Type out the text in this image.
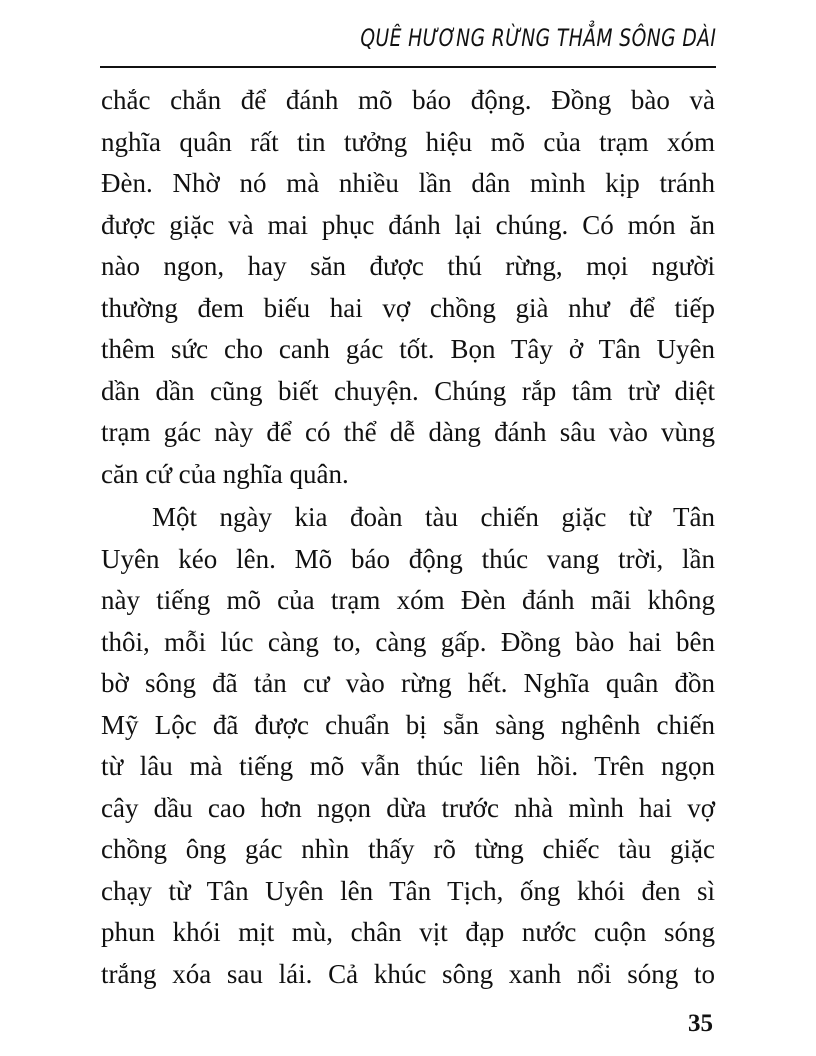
QUÊ HƯƠNG RỪNG THẲM SÔNG DÀI
chắc chắn để đánh mõ báo động. Đồng bào và
nghĩa quân rất tin tưởng hiệu mõ của trạm xóm
Đèn. Nhờ nó mà nhiều lần dân mình kịp tránh
được giặc và mai phục đánh lại chúng. Có món ăn
nào ngon, hay săn được thú rừng, mọi người
thường đem biếu hai vợ chồng già như để tiếp
thêm sức cho canh gác tốt. Bọn Tây ở Tân Uyên
dần dần cũng biết chuyện. Chúng rắp tâm trừ diệt
trạm gác này để có thể dễ dàng đánh sâu vào vùng
căn cứ của nghĩa quân.
Một ngày kia đoàn tàu chiến giặc từ Tân
Uyên kéo lên. Mõ báo động thúc vang trời, lần
này tiếng mõ của trạm xóm Đèn đánh mãi không
thôi, mỗi lúc càng to, càng gấp. Đồng bào hai bên
bờ sông đã tản cư vào rừng hết. Nghĩa quân đồn
Mỹ Lộc đã được chuẩn bị sẵn sàng nghênh chiến
từ lâu mà tiếng mõ vẫn thúc liên hồi. Trên ngọn
cây dầu cao hơn ngọn dừa trước nhà mình hai vợ
chồng ông gác nhìn thấy rõ từng chiếc tàu giặc
chạy từ Tân Uyên lên Tân Tịch, ống khói đen sì
phun khói mịt mù, chân vịt đạp nước cuộn sóng
trắng xóa sau lái. Cả khúc sông xanh nổi sóng to
35
